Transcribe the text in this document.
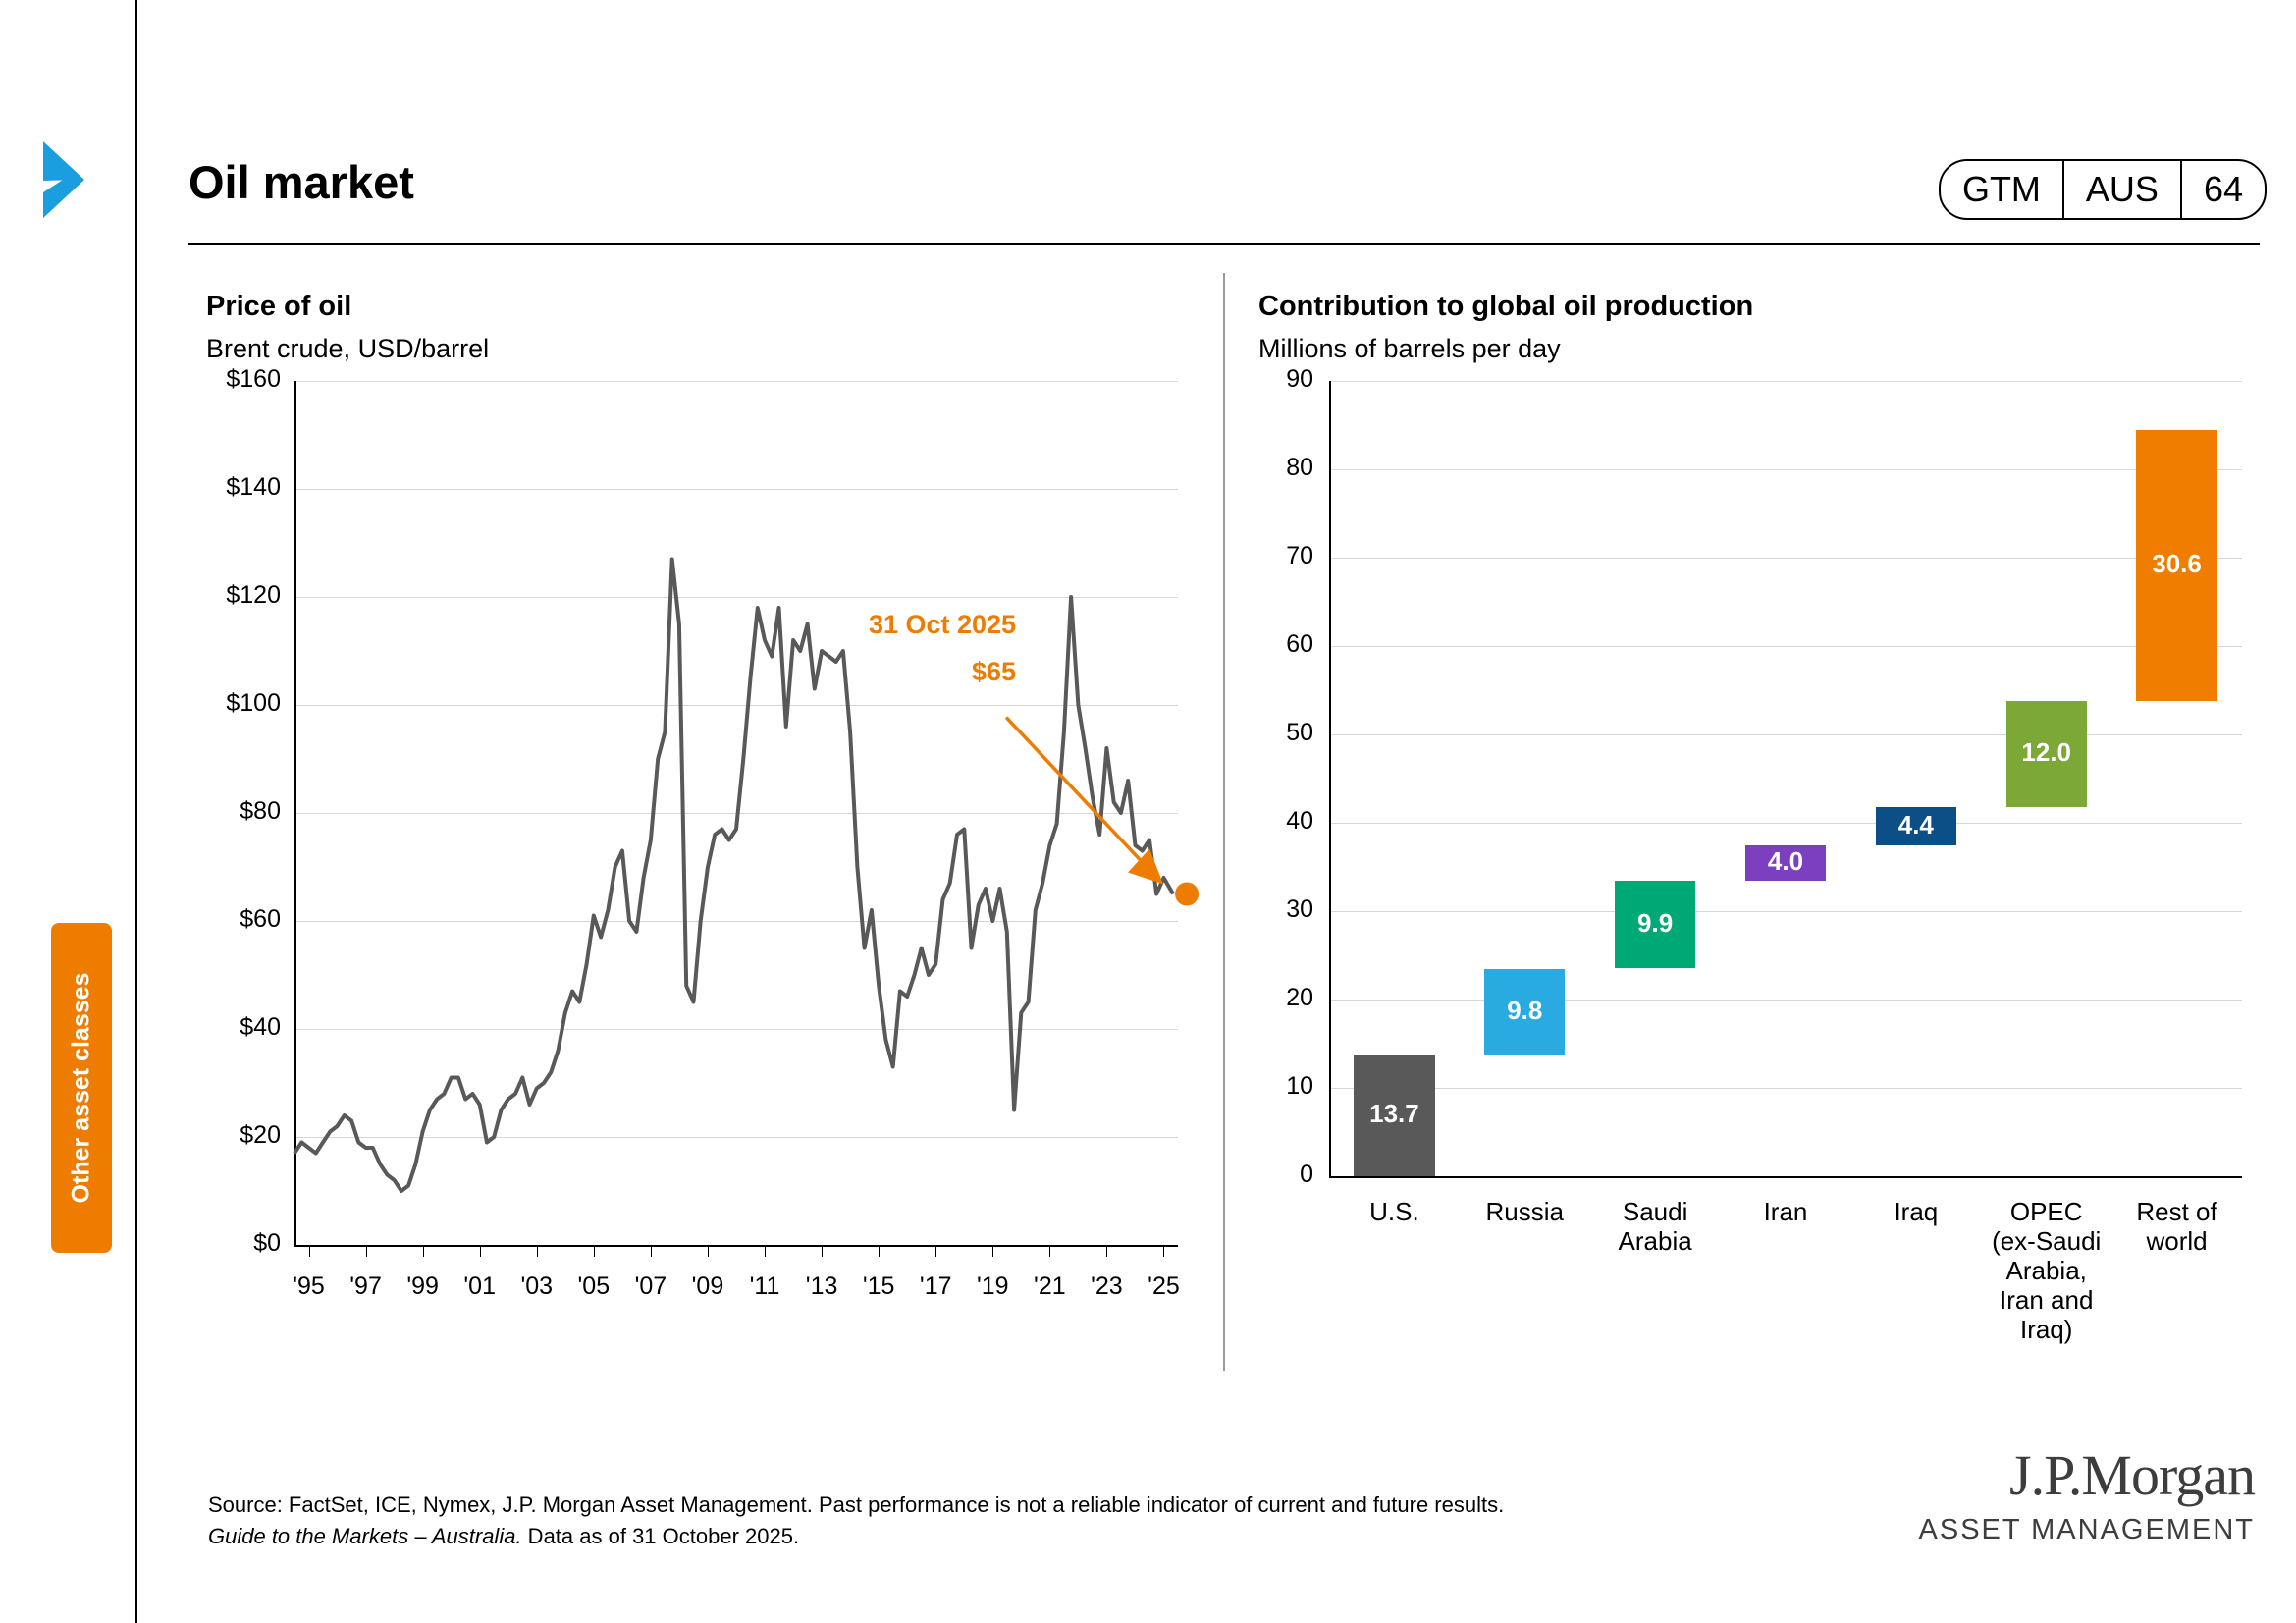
Oil market	GTM	AUS	64
Other asset classes
Price of oil
Brent crude, USD/barrel
$0
$20
$40
$60
$80
$100
$120
$140
$160
'95	'97	'99	'01	'03	'05	'07	'09	'11	'13	'15	'17	'19	'21	'23	'25
31 Oct 2025
$65
Contribution to global oil production
Millions of barrels per day
0
10
20
30
40
50
60
70
80
90
13.7
U.S.
9.8
Russia
9.9
Saudi
Arabia
4.0
Iran
4.4
Iraq
12.0
OPEC
(ex-Saudi
Arabia,
Iran and
Iraq)
30.6
Rest of
world
Source: FactSet, ICE, Nymex, J.P. Morgan Asset Management. Past performance is not a reliable indicator of current and future results.
Guide to the Markets – Australia. Data as of 31 October 2025.
J.P.Morgan
ASSET MANAGEMENT
